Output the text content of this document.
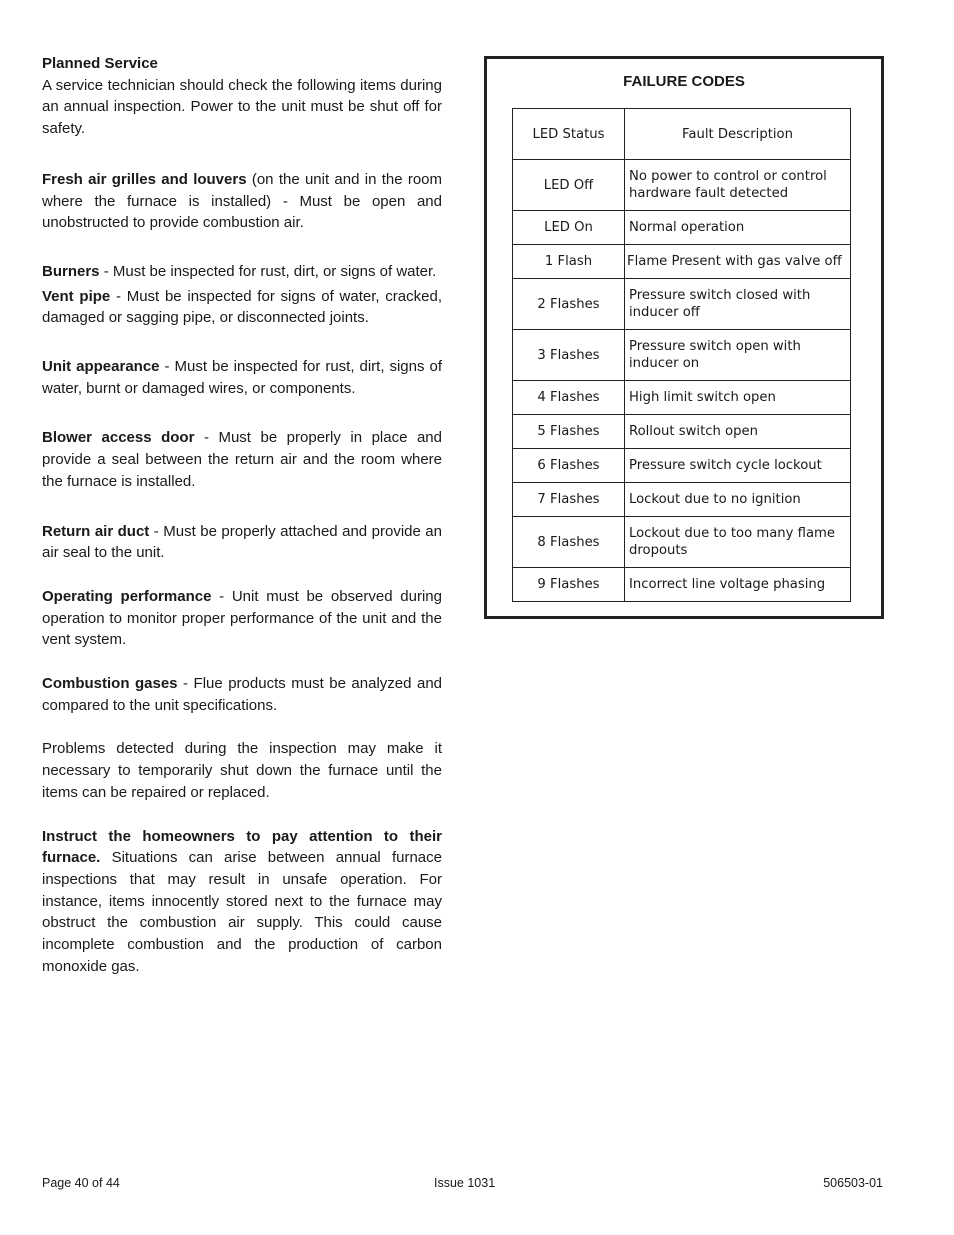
Planned Service
A service technician should check the following items during an annual inspection. Power to the unit must be shut off for safety.

Fresh air grilles and louvers (on the unit and in the room where the furnace is installed) - Must be open and unobstructed to provide combustion air.

Burners - Must be inspected for rust, dirt, or signs of water.

Vent pipe - Must be inspected for signs of water, cracked, damaged or sagging pipe, or disconnected joints.

Unit appearance - Must be inspected for rust, dirt, signs of water, burnt or damaged wires, or components.

Blower access door - Must be properly in place and provide a seal between the return air and the room where the furnace is installed.

Return air duct - Must be properly attached and provide an air seal to the unit.

Operating performance - Unit must be observed during operation to monitor proper performance of the unit and the vent system.

Combustion gases - Flue products must be analyzed and compared to the unit specifications.

Problems detected during the inspection may make it necessary to temporarily shut down the furnace until the items can be repaired or replaced.

Instruct the homeowners to pay attention to their furnace. Situations can arise between annual furnace inspections that may result in unsafe operation. For instance, items innocently stored next to the furnace may obstruct the combustion air supply. This could cause incomplete combustion and the production of carbon monoxide gas.

FAILURE CODES
LED Status	Fault Description
LED Off	No power to control or control hardware fault detected
LED On	Normal operation
1 Flash	Flame Present with gas valve off
2 Flashes	Pressure switch closed with inducer off
3 Flashes	Pressure switch open with inducer on
4 Flashes	High limit switch open
5 Flashes	Rollout switch open
6 Flashes	Pressure switch cycle lockout
7 Flashes	Lockout due to no ignition
8 Flashes	Lockout due to too many flame dropouts
9 Flashes	Incorrect line voltage phasing
Page 40 of 44	Issue 1031	506503-01
